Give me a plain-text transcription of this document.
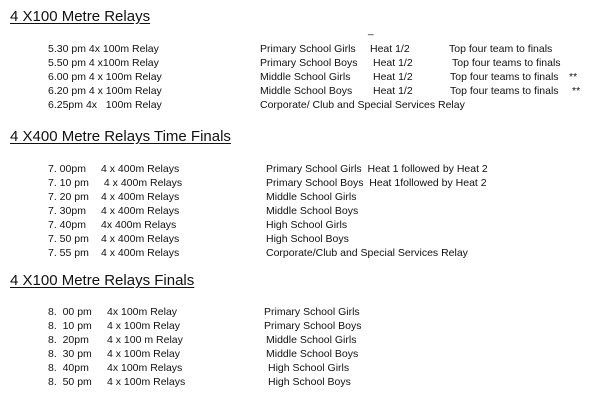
4 X100 Metre Relays
_
5.30 pm 4x 100m Relay	Primary School Girls Heat 1/2	Top four team to finals
5.50 pm 4 x100m Relay	Primary School Boys Heat 1/2	Top four teams to finals
6.00 pm 4 x 100m Relay	Middle School Girls Heat 1/2	Top four teams to finals **
6.20 pm 4 x 100m Relay	Middle School Boys Heat 1/2	Top four teams to finals **
6.25pm 4x   100m Relay	Corporate/ Club and Special Services Relay
4 X400 Metre Relays Time Finals
7. 00pm 4 x 400m Relays	Primary School Girls  Heat 1 followed by Heat 2
7. 10 pm 4 x 400m Relays	Primary School Boys  Heat 1followed by Heat 2
7. 20 pm 4 x 400m Relays	Middle School Girls
7. 30pm 4 x 400m Relays	Middle School Boys
7. 40pm 4x 400m Relays	High School Girls
7. 50 pm 4 x 400m Relays	High School Boys
7. 55 pm 4 x 400m Relays	Corporate/Club and Special Services Relay
4 X100 Metre Relays Finals
8.  00 pm 4x 100m Relay	Primary School Girls
8.  10 pm 4 x 100m Relay	Primary School Boys
8.  20pm 4 x 100 m Relay	Middle School Girls
8.  30 pm 4 x 100m Relay	Middle School Boys
8.  40pm 4x 100m Relays	High School Girls
8.  50 pm 4 x 100m Relays	High School Boys
